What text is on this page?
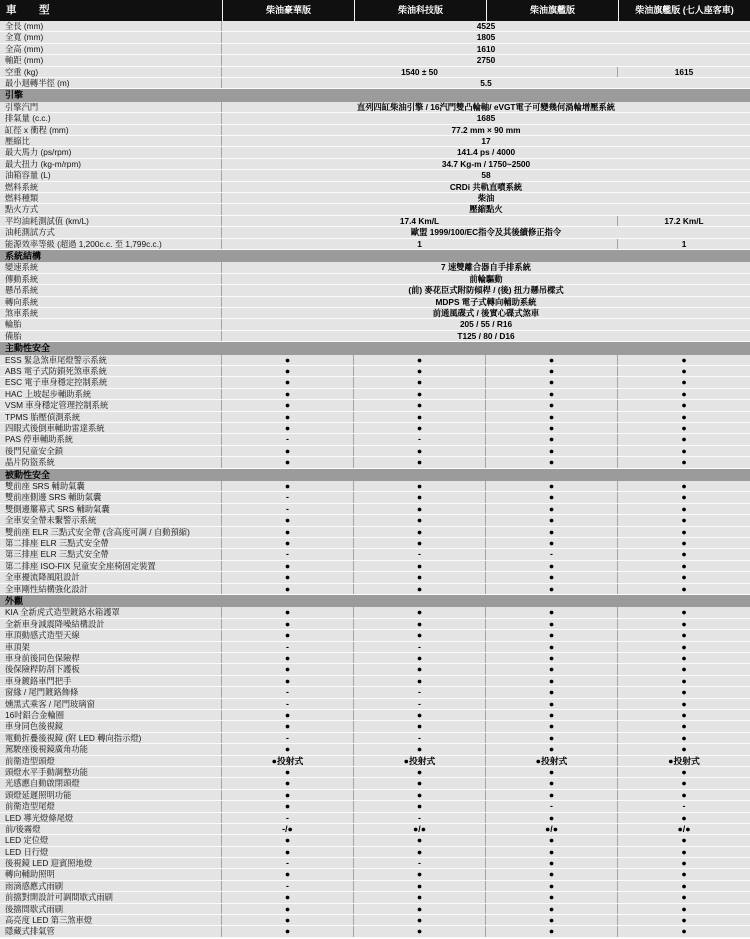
車　型	柴油豪華版	柴油科技版	柴油旗艦版	柴油旗艦版 (七人座客車)
全長 (mm)	4525
全寬 (mm)	1805
全高 (mm)	1610
軸距 (mm)	2750
空重 (kg)	1540 ± 50	1615
最小迴轉半徑 (m)	5.5
引擎
引擎汽門	直列四缸柴油引擎 / 16汽門雙凸輪軸/ eVGT電子可變幾何渦輪增壓系統
排氣量 (c.c.)	1685
缸徑 x 衝程 (mm)	77.2 mm × 90 mm
壓縮比	17
最大馬力 (ps/rpm)	141.4 ps / 4000
最大扭力 (kg-m/rpm)	34.7 Kg-m / 1750~2500
油箱容量 (L)	58
燃料系統	CRDi 共軌直噴系統
燃料種類	柴油
點火方式	壓縮點火
平均油耗測試值 (km/L)	17.4 Km/L	17.2 Km/L
油耗測試方式	歐盟 1999/100/EC指令及其後續修正指令
能源效率等級 (超過 1,200c.c. 至 1,799c.c.)	1	1
系統結構
變速系統	7 速雙離合器自手排系統
傳動系統	前輪驅動
懸吊系統	(前) 麥花臣式附防傾桿 / (後) 扭力懸吊樑式
轉向系統	MDPS 電子式轉向輔助系統
煞車系統	前通風碟式 / 後實心碟式煞車
輪胎	205 / 55 / R16
備胎	T125 / 80 / D16
主動性安全
ESS 緊急煞車尾燈警示系統	●	●	●	●
ABS 電子式防鎖死煞車系統	●	●	●	●
ESC 電子車身穩定控制系統	●	●	●	●
HAC 上坡起步輔助系統	●	●	●	●
VSM 車身穩定管理控制系統	●	●	●	●
TPMS 胎壓偵測系統	●	●	●	●
四眼式後倒車輔助雷達系統	●	●	●	●
PAS 停車輔助系統	-	-	●	●
後門兒童安全鎖	●	●	●	●
晶片防盜系統	●	●	●	●
被動性安全
雙前座 SRS 輔助氣囊	●	●	●	●
雙前座側邊 SRS 輔助氣囊	-	●	●	●
雙側邊簾幕式 SRS 輔助氣囊	-	●	●	●
全車安全帶未繫警示系統	●	●	●	●
雙前座 ELR 三點式安全帶 (含高度可調 / 自動預縮)	●	●	●	●
第二排座 ELR 三點式安全帶	●	●	●	●
第三排座 ELR 三點式安全帶	-	-	-	●
第二排座 ISO-FIX 兒童安全座椅固定裝置	●	●	●	●
全車擾流降風阻設計	●	●	●	●
全車剛性結構強化設計	●	●	●	●
外觀
KIA 全新虎式造型鍍鉻水箱護罩	●	●	●	●
全新車身減震降噪結構設計	●	●	●	●
車頂動感式造型天線	●	●	●	●
車頂架	-	-	●	●
車身前後同色保險桿	●	●	●	●
後保險桿防刮下護板	●	●	●	●
車身鍍鉻車門把手	●	●	●	●
窗緣 / 尾門鍍鉻飾條	-	-	●	●
燻黑式乘客 / 尾門玻璃窗	-	-	●	●
16吋鋁合金輪圈	●	●	●	●
車身同色後視鏡	●	●	●	●
電動折疊後視鏡 (附 LED 轉向指示燈)	-	-	●	●
駕駛座後視鏡廣角功能	●	●	●	●
前衛造型頭燈	●投射式	●投射式	●投射式	●投射式
頭燈水平手動調整功能	●	●	●	●
光感應自動啟閉頭燈	●	●	●	●
頭燈延遲照明功能	●	●	●	●
前衛造型尾燈	●	●	-	-
LED 導光燈條尾燈	-	-	●	●
前/後霧燈	-/●	●/●	●/●	●/●
LED 定位燈	●	●	●	●
LED 日行燈	●	●	●	●
後視鏡 LED 迎賓照地燈	-	-	●	●
轉向輔助照明	●	●	●	●
雨滴感應式雨刷	-	●	●	●
前擋對開設計可調間歇式雨刷	●	●	●	●
後擋間歇式雨刷	●	●	●	●
高亮度 LED 第三煞車燈	●	●	●	●
隱藏式排氣管	●	●	●	●
